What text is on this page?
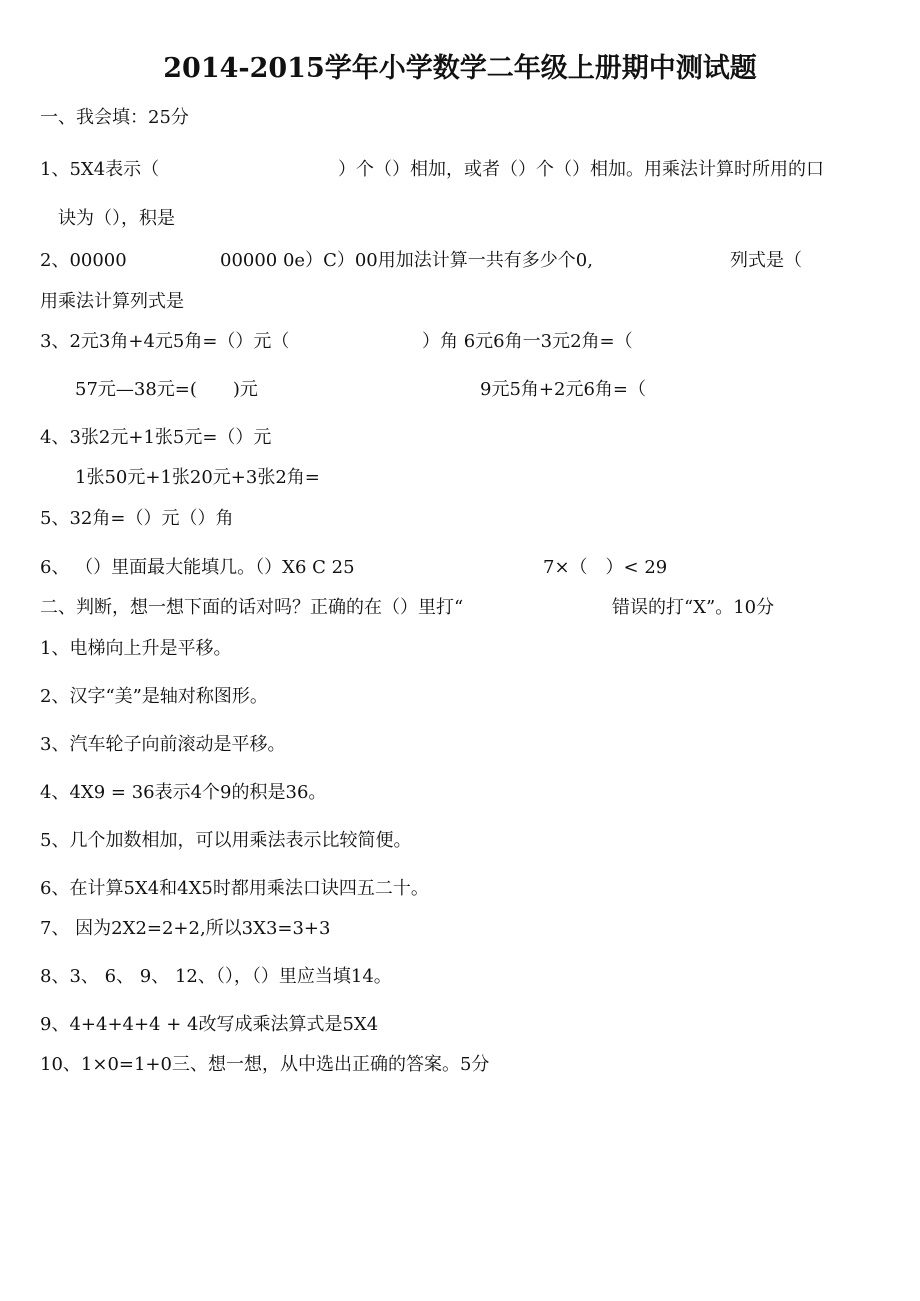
2014-2015学年小学数学二年级上册期中测试题
一、我会填：25分
1、5X4表示（	）个（）相加，或者（）个（）相加。用乘法计算时所用的口
诀为（），积是
2、00000	00000 0e）C）00用加法计算一共有多少个0,	列式是（
用乘法计算列式是
3、2元3角+4元5角=（）元（	）角 6元6角一3元2角=（
57元—38元=(　　)元	9元5角+2元6角=（
4、3张2元+1张5元=（）元
1张50元+1张20元+3张2角=
5、32角=（）元（）角
6、 （）里面最大能填几。（）X6 C 25	7×（　）< 29
二、判断，想一想下面的话对吗？正确的在（）里打“	错误的打“X”。10分
1、电梯向上升是平移。
2、汉字“美”是轴对称图形。
3、汽车轮子向前滚动是平移。
4、4X9 = 36表示4个9的积是36。
5、几个加数相加，可以用乘法表示比较简便。
6、在计算5X4和4X5时都用乘法口诀四五二十。
7、 因为2X2=2+2,所以3X3=3+3
8、3、 6、 9、 12、（），（）里应当填14。
9、4+4+4+4 + 4改写成乘法算式是5X4
10、1×0=1+0三、想一想，从中选出正确的答案。5分
